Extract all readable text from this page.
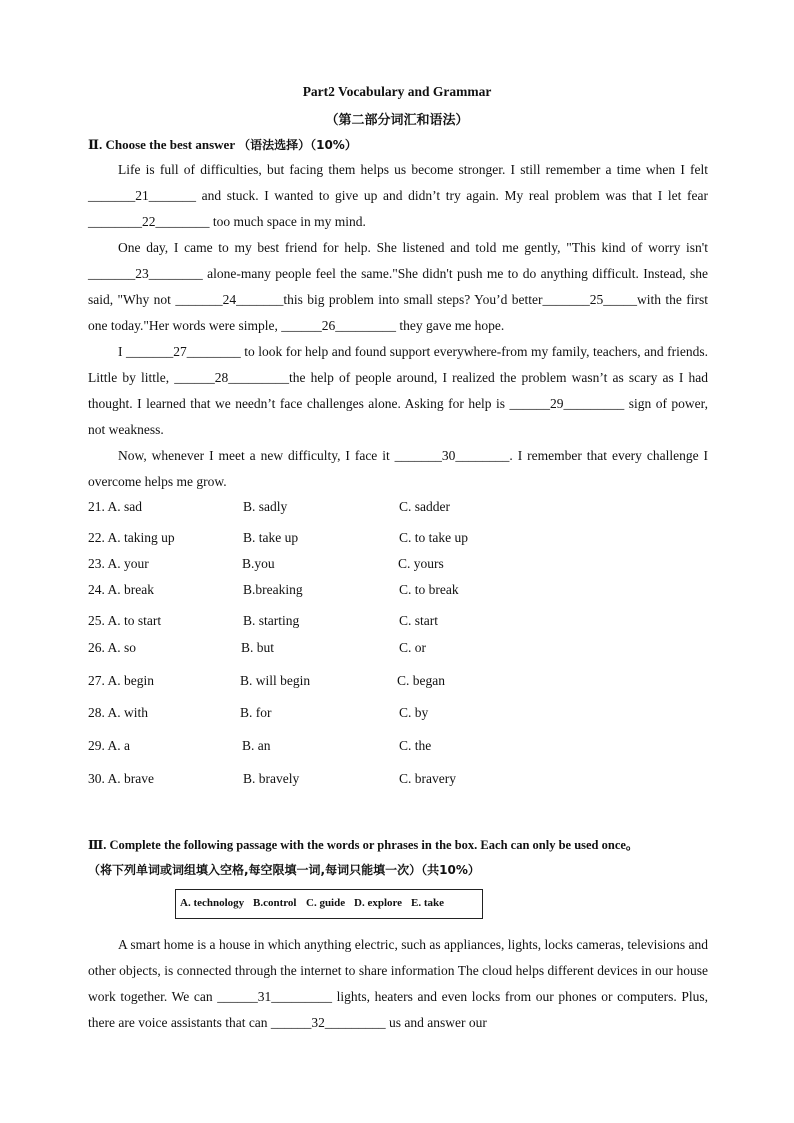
Part2 Vocabulary and Grammar
（第二部分词汇和语法）
Ⅱ. Choose the best answer （语法选择）（10%）

Life is full of difficulties, but facing them helps us become stronger. I still remember a time when I felt _______21_______ and stuck. I wanted to give up and didn’t try again. My real problem was that I let fear ________22________ too much space in my mind.

One day, I came to my best friend for help. She listened and told me gently, "This kind of worry isn't _______23________ alone-many people feel the same."She didn't push me to do anything difficult. Instead, she said, "Why not _______24_______this big problem into small steps? You’d better_______25_____with the first one today."Her words were simple, ______26_________ they gave me hope.

I _______27________ to look for help and found support everywhere-from my family, teachers, and friends. Little by little, ______28_________the help of people around, I realized the problem wasn’t as scary as I had thought. I learned that we needn’t face challenges alone. Asking for help is ______29_________ sign of power, not weakness.

Now, whenever I meet a new difficulty, I face it _______30________. I remember that every challenge I overcome helps me grow.

21. A. sad	B. sadly	C. sadder
22. A. taking up	B. take up	C. to take up
23. A. your	B.you	C. yours
24. A. break	B.breaking	C. to break
25. A. to start	B. starting	C. start
26. A. so	B. but	C. or
27. A. begin	B. will begin	C. began
28. A. with	B. for	C. by
29. A. a	B. an	C. the
30. A. brave	B. bravely	C. bravery
Ⅲ. Complete the following passage with the words or phrases in the box. Each can only be used once。
（将下列单词或词组填入空格,每空限填一词,每词只能填一次）（共10%）
A. technology B.control C. guide D. explore E. take

A smart home is a house in which anything electric, such as appliances, lights, locks cameras, televisions and other objects, is connected through the internet to share information The cloud helps different devices in our house work together. We can ______31_________ lights, heaters and even locks from our phones or computers. Plus, there are voice assistants that can ______32_________ us and answer our
